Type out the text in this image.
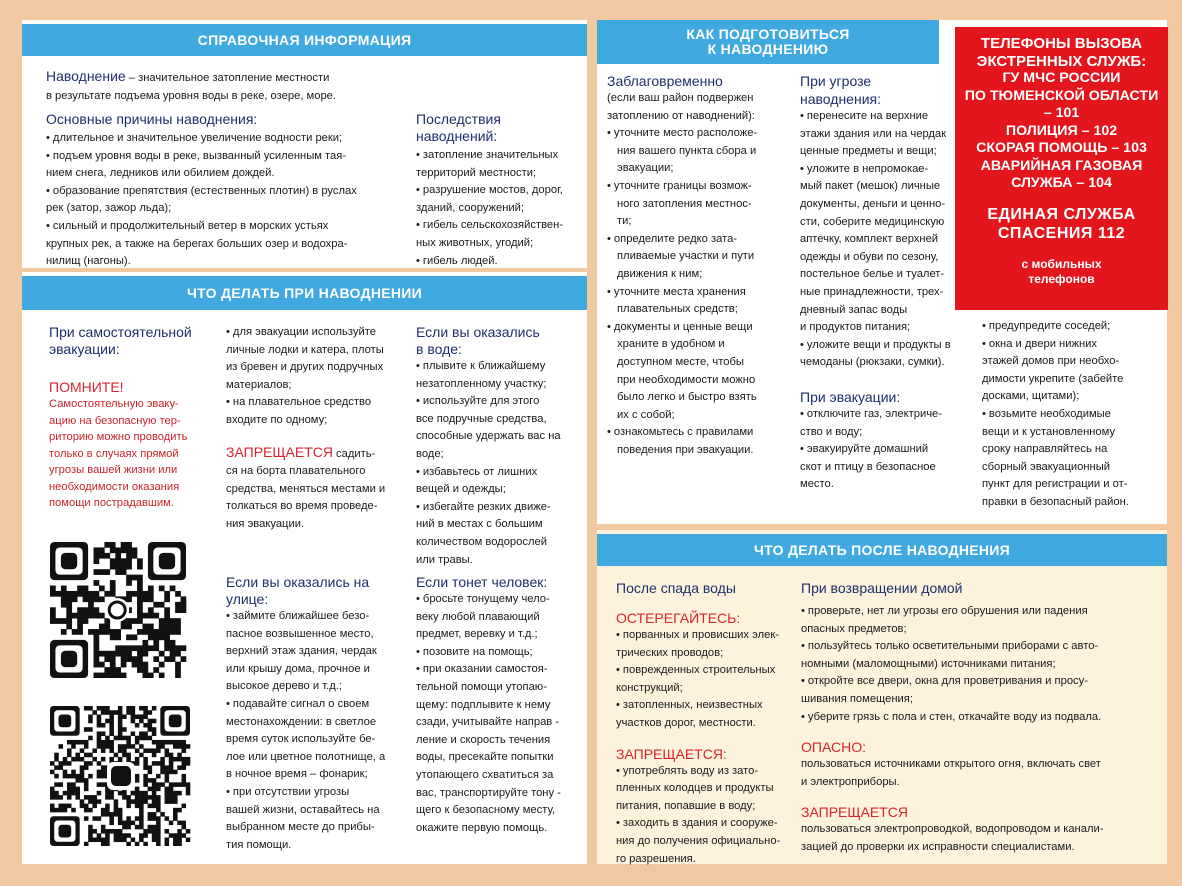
СПРАВОЧНАЯ ИНФОРМАЦИЯ
Наводнение – значительное затопление местности
в результате подъема уровня воды в реке, озере, море.
Основные причины наводнения:

• длительное и значительное увеличение водности реки;

• подъем уровня воды в реке, вызванный усиленным тая-

нием снега, ледников или обилием дождей.

• образование препятствия (естественных плотин) в руслах

рек (затор, зажор льда);

• сильный и продолжительный ветер в морских устьях

крупных рек, а также на берегах больших озер и водохра-

нилищ (нагоны).

Последствия
наводнений:

• затопление значительных

территорий местности;

• разрушение мостов, дорог,

зданий, сооружений;

• гибель сельскохозяйствен-

ных животных, угодий;

• гибель людей.

ЧТО ДЕЛАТЬ ПРИ НАВОДНЕНИИ
При самостоятельной
эвакуации:
ПОМНИТЕ!

Самостоятельную эваку-

ацию на безопасную тер-

риторию можно проводить

только в случаях прямой

угрозы вашей жизни или

необходимости оказания

помощи пострадавшим.

• для эвакуации используйте

личные лодки и катера, плоты

из бревен и других подручных

материалов;

• на плавательное средство

входите по одному;

ЗАПРЕЩАЕТСЯ садить-

ся на борта плавательного

средства, меняться местами и

толкаться во время проведе-

ния эвакуации.

Если вы оказались
в воде:

• плывите к ближайшему

незатопленному участку;

• используйте для этого

все подручные средства,

способные удержать вас на

воде;

• избавьтесь от лишних

вещей и одежды;

• избегайте резких движе-

ний в местах с большим

количеством водорослей

или травы.

Если вы оказались на
улице:

• займите ближайшее безо-

пасное возвышенное место,

верхний этаж здания, чердак

или крышу дома, прочное и

высокое дерево и т.д.;

• подавайте сигнал о своем

местонахождении: в светлое

время суток используйте бе-

лое или цветное полотнище, а

в ночное время – фонарик;

• при отсутствии угрозы

вашей жизни, оставайтесь на

выбранном месте до прибы-

тия помощи.

Если тонет человек:

• бросьте тонущему чело-

веку любой плавающий

предмет, веревку и т.д.;

• позовите на помощь;

• при оказании самостоя-

тельной помощи утопаю-

щему: подплывите к нему

сзади, учитывайте направ -

ление и скорость течения

воды, пресекайте попытки

утопающего схватиться за

вас, транспортируйте тону -

щего к безопасному месту,

окажите первую помощь.

КАК ПОДГОТОВИТЬСЯ
К НАВОДНЕНИЮ
Заблаговременно

(если ваш район подвержен

затоплению от наводнений):

• уточните место расположе-

ния вашего пункта сбора и

эвакуации;

• уточните границы возмож-

ного затопления местнос-

ти;

• определите редко зата-

пливаемые участки и пути

движения к ним;

• уточните места хранения

плавательных средств;

• документы и ценные вещи

храните в удобном и

доступном месте, чтобы

при необходимости можно

было легко и быстро взять

их с собой;

• ознакомьтесь с правилами

поведения при эвакуации.

При угрозе
наводнения:

• перенесите на верхние

этажи здания или на чердак

ценные предметы и вещи;

• уложите в непромокае-

мый пакет (мешок) личные

документы, деньги и ценно-

сти, соберите медицинскую

аптечку, комплект верхней

одежды и обуви по сезону,

постельное белье и туалет-

ные принадлежности, трех-

дневный запас воды

и продуктов питания;

• уложите вещи и продукты в

чемоданы (рюкзаки, сумки).

При эвакуации:

• отключите газ, электриче-

ство и воду;

• эвакуируйте домашний

скот и птицу в безопасное

место.

• предупредите соседей;

• окна и двери нижних

этажей домов при необхо-

димости укрепите (забейте

досками, щитами);

• возьмите необходимые

вещи и к установленному

сроку направляйтесь на

сборный эвакуационный

пункт для регистрации и от-

правки в безопасный район.

ТЕЛЕФОНЫ ВЫЗОВА
ЭКСТРЕННЫХ СЛУЖБ:
ГУ МЧС РОССИИ
ПО ТЮМЕНСКОЙ ОБЛАСТИ
– 101
ПОЛИЦИЯ – 102
СКОРАЯ ПОМОЩЬ – 103
АВАРИЙНАЯ ГАЗОВАЯ
СЛУЖБА – 104
ЕДИНАЯ СЛУЖБА
СПАСЕНИЯ 112
с мобильных
телефонов
ЧТО ДЕЛАТЬ ПОСЛЕ НАВОДНЕНИЯ
После спада воды
ОСТЕРЕГАЙТЕСЬ:

• порванных и провисших элек-

трических проводов;

• поврежденных строительных

конструкций;

• затопленных, неизвестных

участков дорог, местности.

ЗАПРЕЩАЕТСЯ:

• употреблять воду из зато-

пленных колодцев и продукты

питания, попавшие в воду;

• заходить в здания и сооруже-

ния до получения официально-

го разрешения.

При возвращении домой

• проверьте, нет ли угрозы его обрушения или падения

опасных предметов;

• пользуйтесь только осветительными приборами с авто-

номными (маломощными) источниками питания;

• откройте все двери, окна для проветривания и просу-

шивания помещения;

• уберите грязь с пола и стен, откачайте воду из подвала.

ОПАСНО:

пользоваться источниками открытого огня, включать свет

и электроприборы.

ЗАПРЕЩАЕТСЯ

пользоваться электропроводкой, водопроводом и канали-

зацией до проверки их исправности специалистами.
